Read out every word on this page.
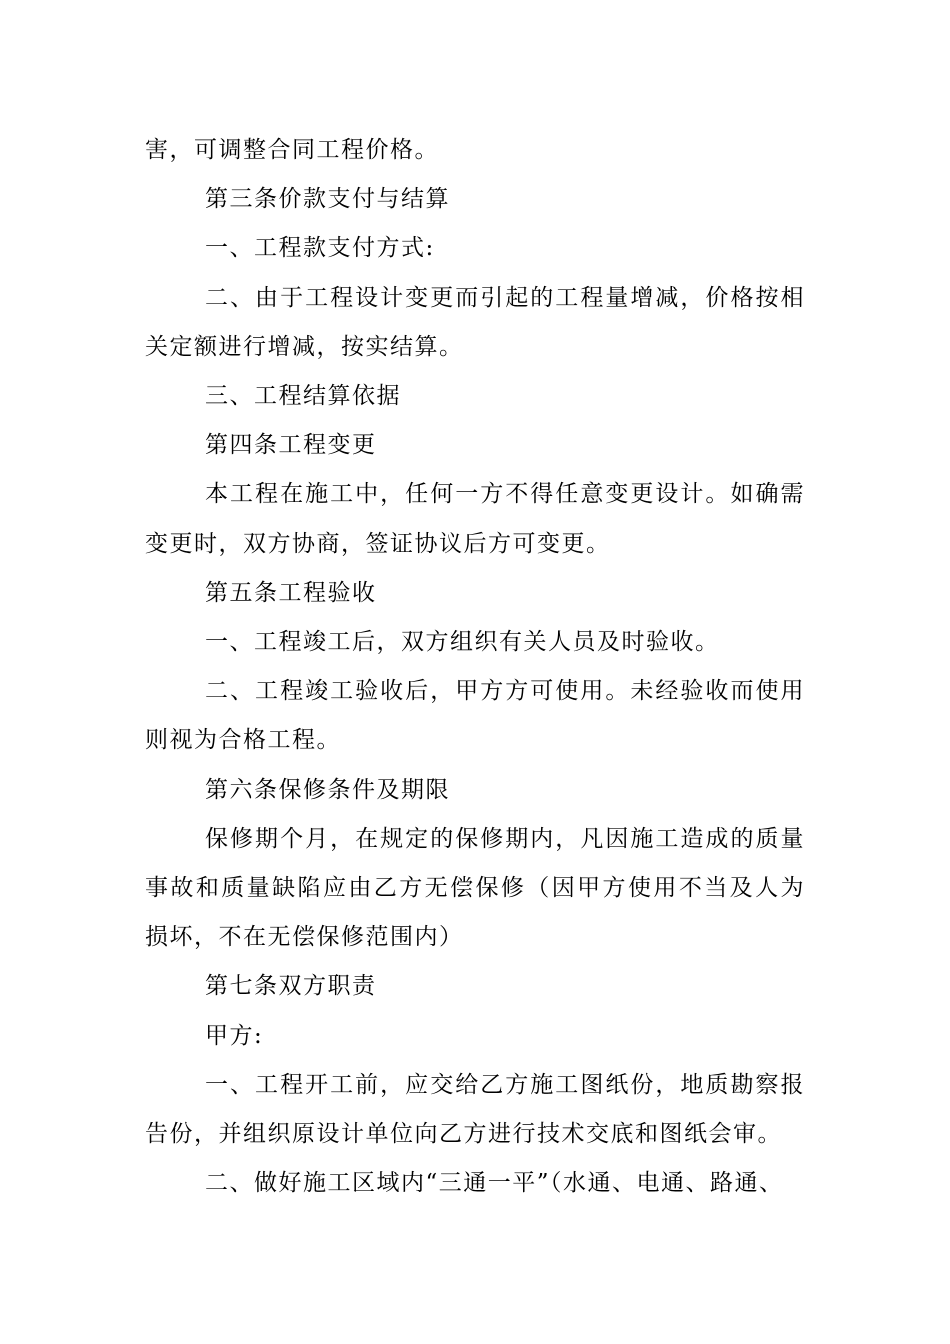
害，可调整合同工程价格。

第三条价款支付与结算

一、工程款支付方式:

二、由于工程设计变更而引起的工程量增减，价格按相关定额进行增减，按实结算。

三、工程结算依据

第四条工程变更

本工程在施工中，任何一方不得任意变更设计。如确需变更时，双方协商，签证协议后方可变更。

第五条工程验收

一、工程竣工后，双方组织有关人员及时验收。

二、工程竣工验收后，甲方方可使用。未经验收而使用则视为合格工程。

第六条保修条件及期限

保修期个月，在规定的保修期内，凡因施工造成的质量事故和质量缺陷应由乙方无偿保修（因甲方使用不当及人为损坏，不在无偿保修范围内）

第七条双方职责

甲方:

一、工程开工前，应交给乙方施工图纸份，地质勘察报告份，并组织原设计单位向乙方进行技术交底和图纸会审。

二、做好施工区域内“三通一平”（水通、电通、路通、
